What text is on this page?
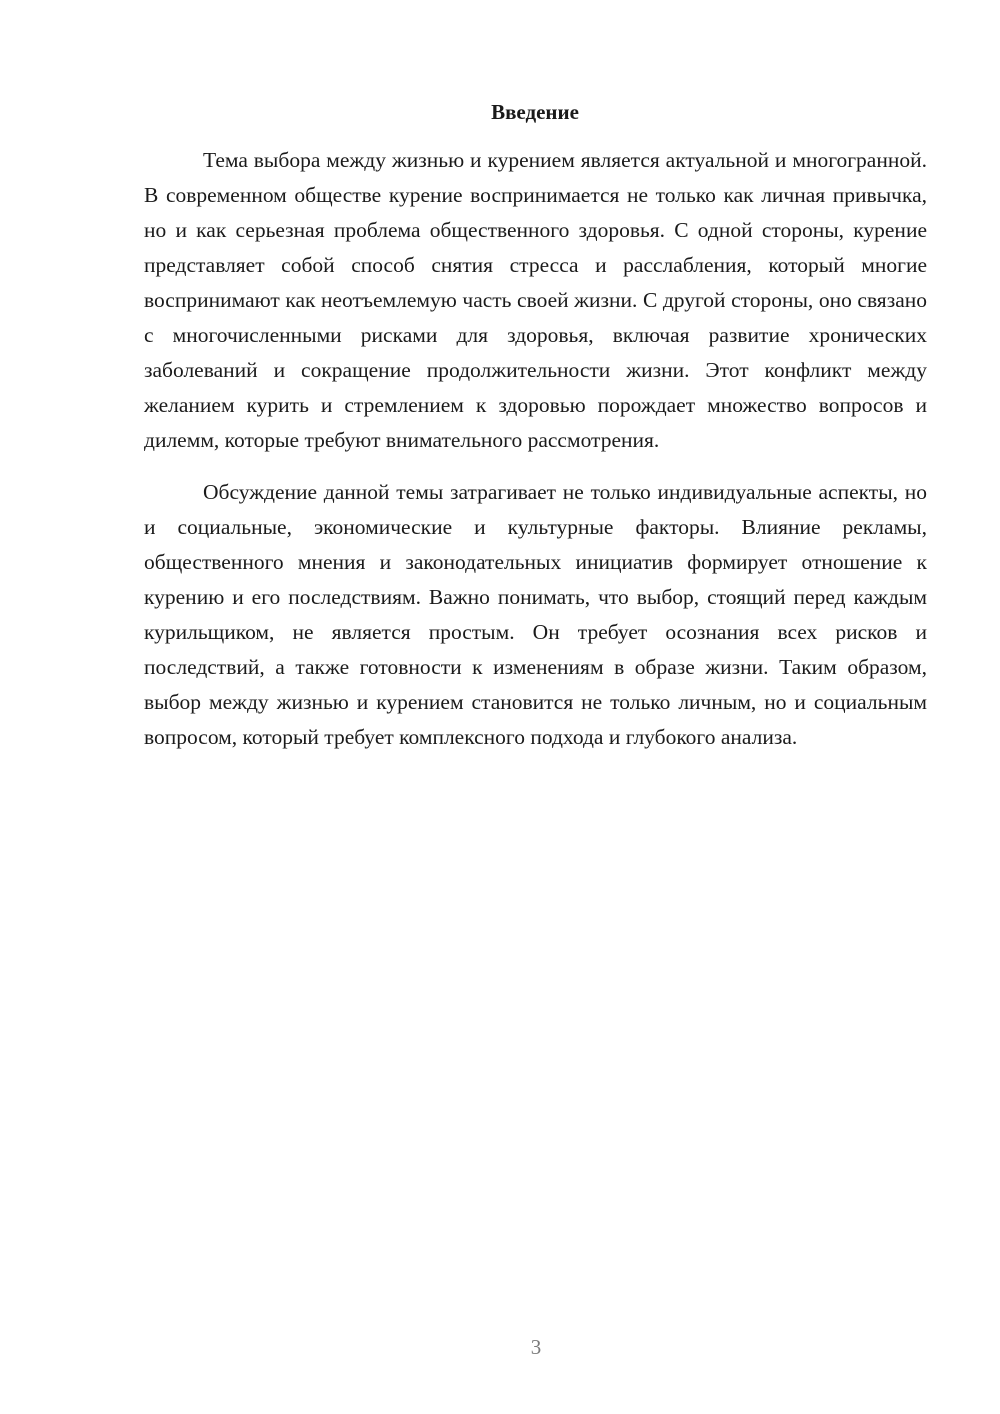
Введение

Тема выбора между жизнью и курением является актуальной и многогранной. В современном обществе курение воспринимается не только как личная привычка, но и как серьезная проблема общественного здоровья. С одной стороны, курение представляет собой способ снятия стресса и расслабления, который многие воспринимают как неотъемлемую часть своей жизни. С другой стороны, оно связано с многочисленными рисками для здоровья, включая развитие хронических заболеваний и сокращение продолжительности жизни. Этот конфликт между желанием курить и стремлением к здоровью порождает множество вопросов и дилемм, которые требуют внимательного рассмотрения.

Обсуждение данной темы затрагивает не только индивидуальные аспекты, но и социальные, экономические и культурные факторы. Влияние рекламы, общественного мнения и законодательных инициатив формирует отношение к курению и его последствиям. Важно понимать, что выбор, стоящий перед каждым курильщиком, не является простым. Он требует осознания всех рисков и последствий, а также готовности к изменениям в образе жизни. Таким образом, выбор между жизнью и курением становится не только личным, но и социальным вопросом, который требует комплексного подхода и глубокого анализа.

3
